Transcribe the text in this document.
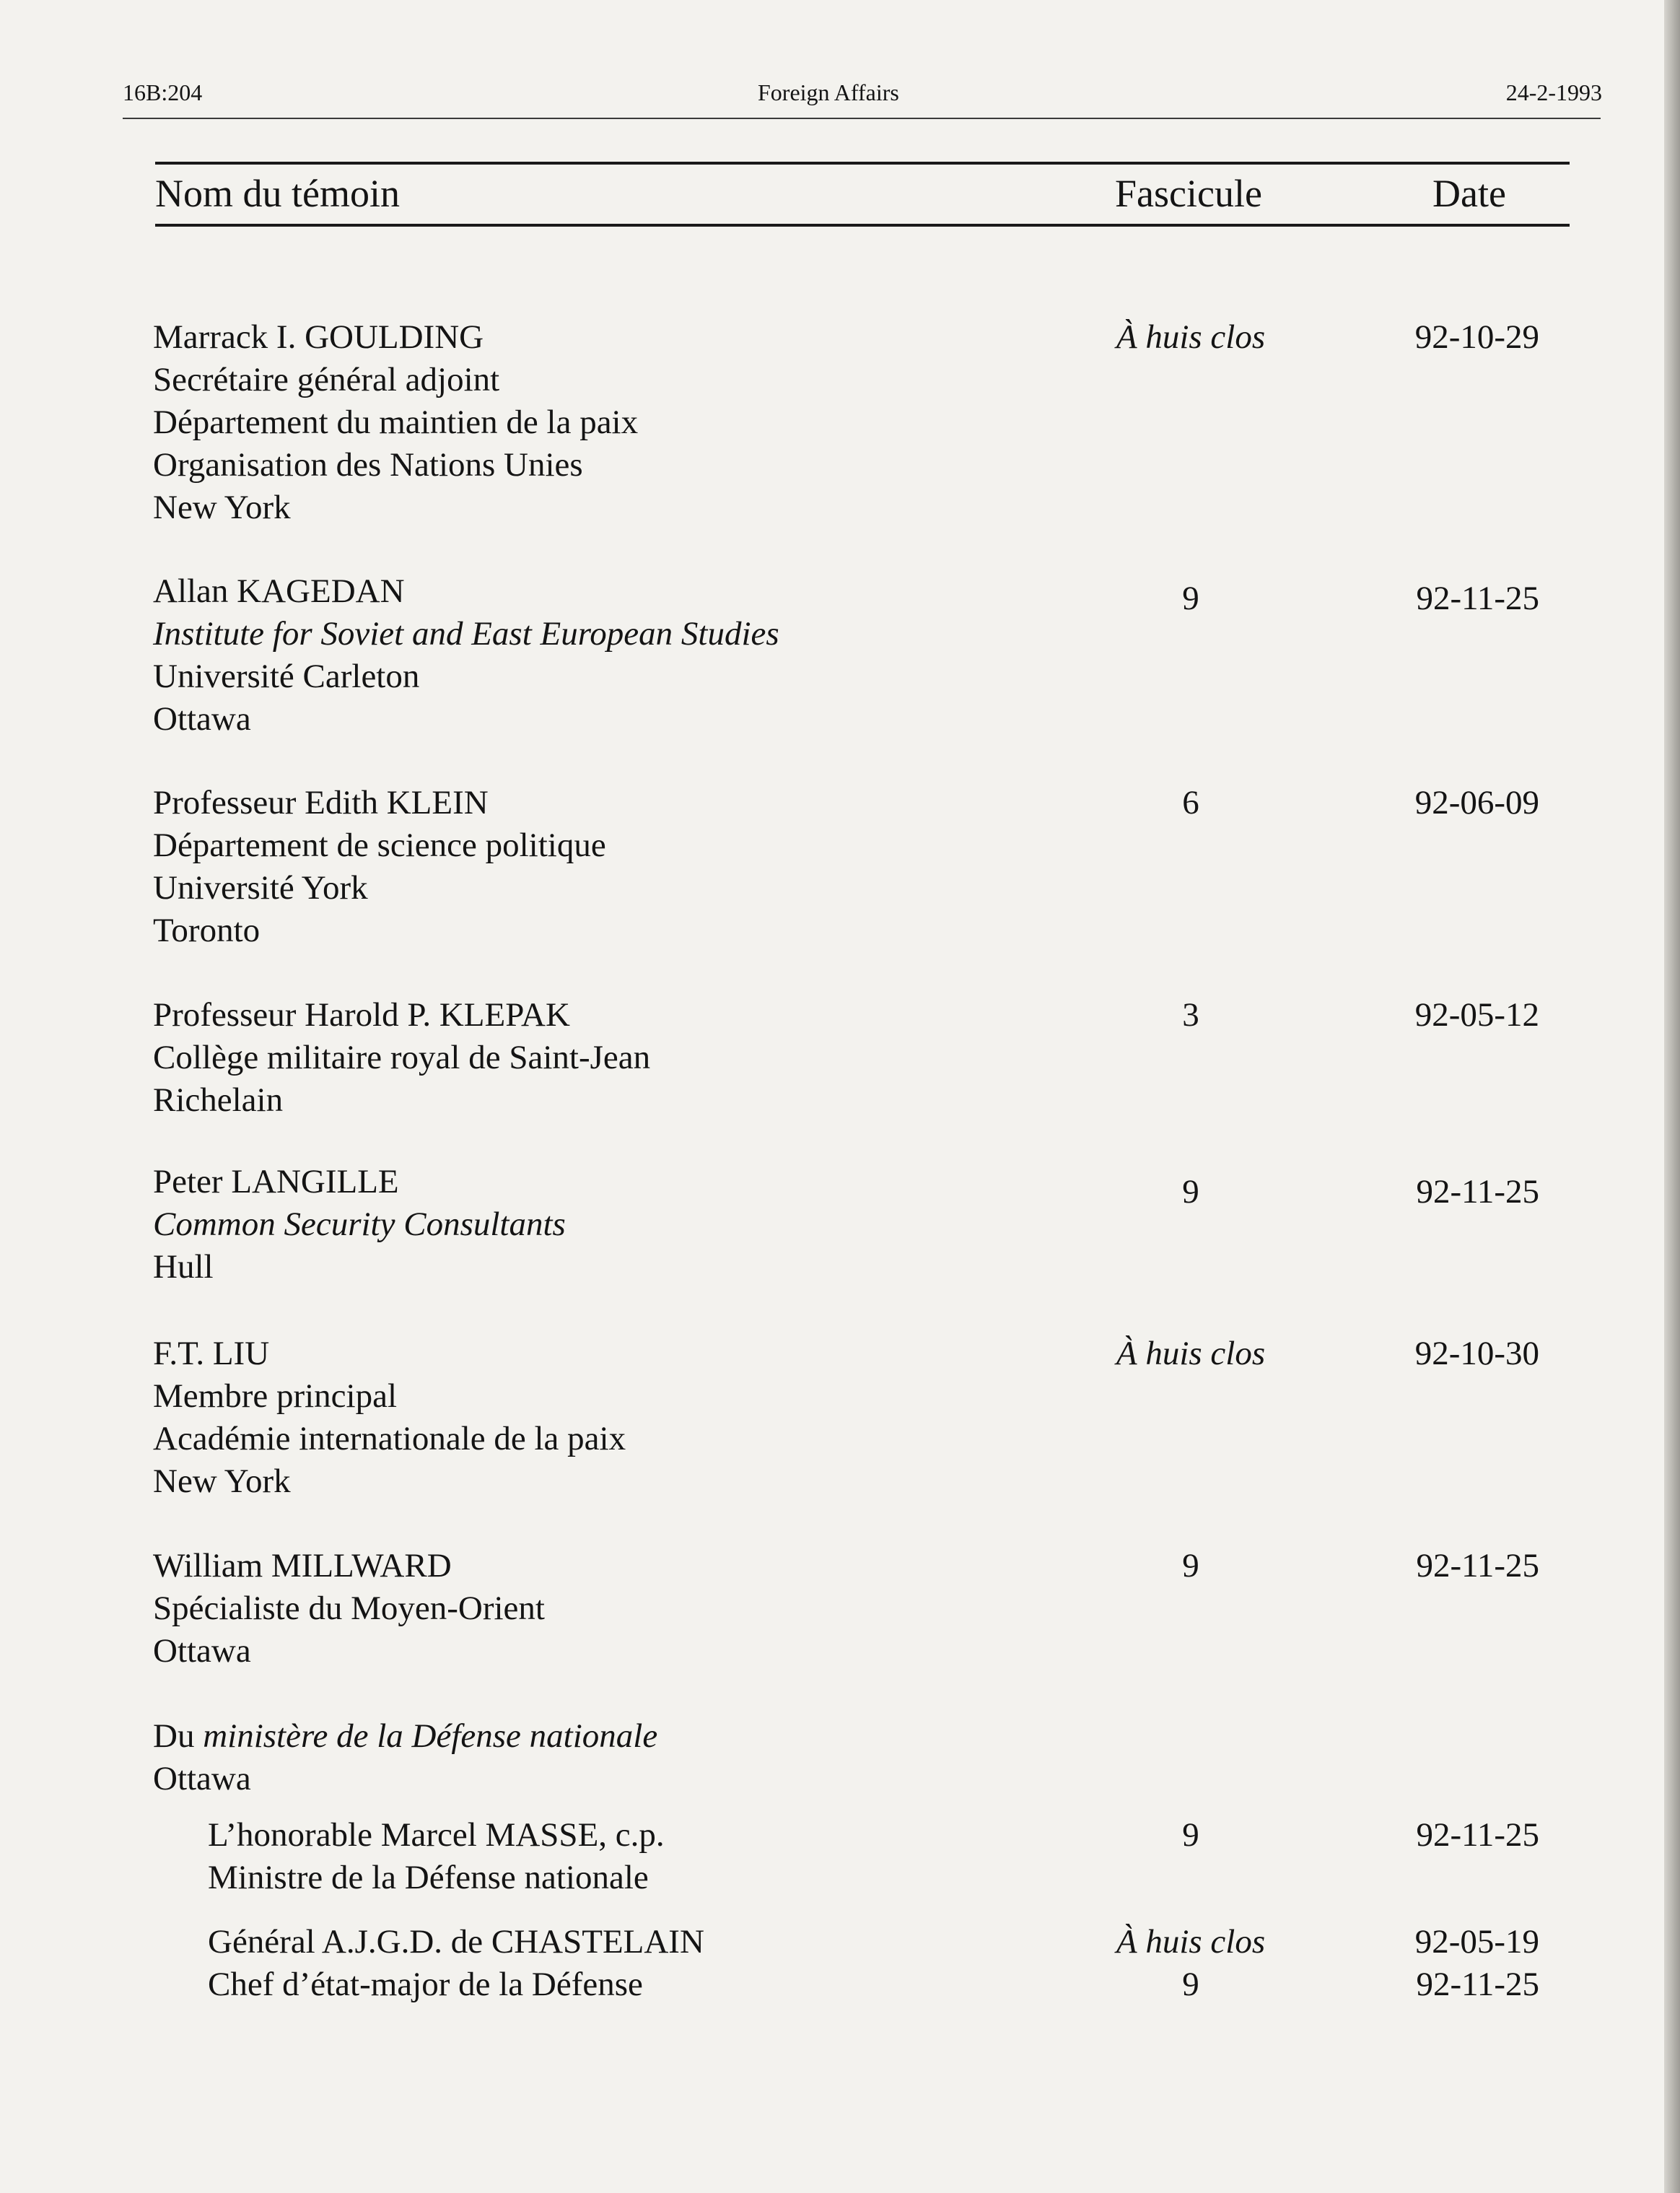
16B:204	Foreign Affairs	24-2-1993
Nom du témoin	Fascicule	Date
Marrack I. GOULDING
Secrétaire général adjoint
Département du maintien de la paix
Organisation des Nations Unies
New York
À huis clos	92-10-29
Allan KAGEDAN
Institute for Soviet and East European Studies
Université Carleton
Ottawa
9	92-11-25
Professeur Edith KLEIN
Département de science politique
Université York
Toronto
6	92-06-09
Professeur Harold P. KLEPAK
Collège militaire royal de Saint-Jean
Richelain
3	92-05-12
Peter LANGILLE
Common Security Consultants
Hull
9	92-11-25
F.T. LIU
Membre principal
Académie internationale de la paix
New York
À huis clos	92-10-30
William MILLWARD
Spécialiste du Moyen-Orient
Ottawa
9	92-11-25
Du ministère de la Défense nationale
Ottawa
L’honorable Marcel MASSE, c.p.
Ministre de la Défense nationale
9	92-11-25
Général A.J.G.D. de CHASTELAIN
Chef d’état-major de la Défense
À huis clos	92-05-19
9	92-11-25
